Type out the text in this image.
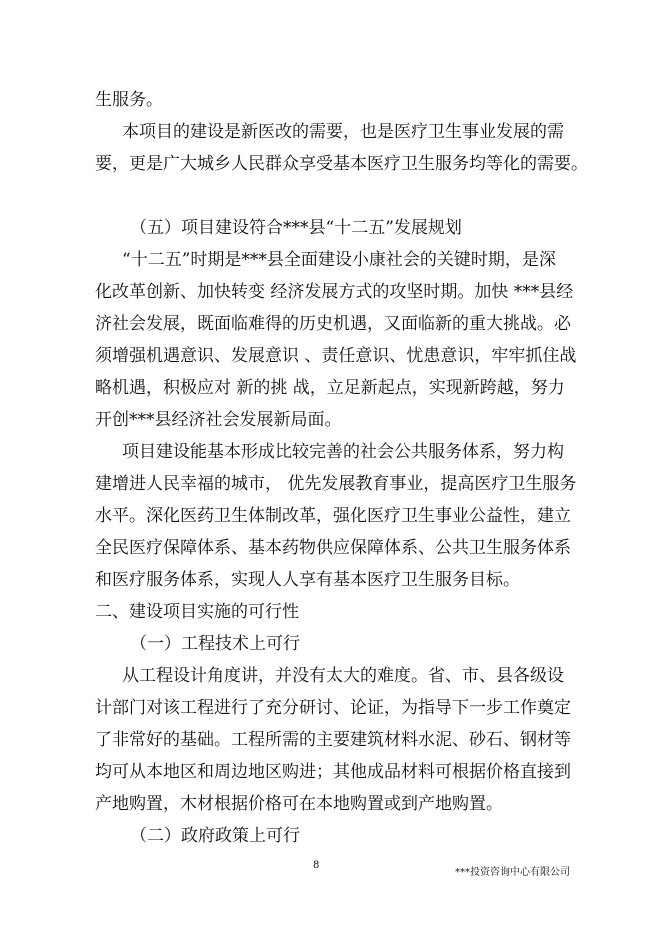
生服务。
本项目的建设是新医改的需要，也是医疗卫生事业发展的需
要，更是广大城乡人民群众享受基本医疗卫生服务均等化的需要。
（五）项目建设符合***县“十二五”发展规划
“十二五”时期是***县全面建设小康社会的关键时期，是深
化改革创新、加快转变 经济发展方式的攻坚时期。加快 ***县经
济社会发展，既面临难得的历史机遇，又面临新的重大挑战。必
须增强机遇意识、发展意识 、责任意识、忧患意识，牢牢抓住战
略机遇，积极应对 新的挑 战，立足新起点，实现新跨越，努力
开创***县经济社会发展新局面。
项目建设能基本形成比较完善的社会公共服务体系，努力构
建增进人民幸福的城市， 优先发展教育事业，提高医疗卫生服务
水平。深化医药卫生体制改革，强化医疗卫生事业公益性，建立
全民医疗保障体系、基本药物供应保障体系、公共卫生服务体系
和医疗服务体系，实现人人享有基本医疗卫生服务目标。
二、建设项目实施的可行性
（一）工程技术上可行
从工程设计角度讲，并没有太大的难度。省、市、县各级设
计部门对该工程进行了充分研讨、论证，为指导下一步工作奠定
了非常好的基础。工程所需的主要建筑材料水泥、砂石、钢材等
均可从本地区和周边地区购进；其他成品材料可根据价格直接到
产地购置，木材根据价格可在本地购置或到产地购置。
（二）政府政策上可行
8
***投资咨询中心有限公司
